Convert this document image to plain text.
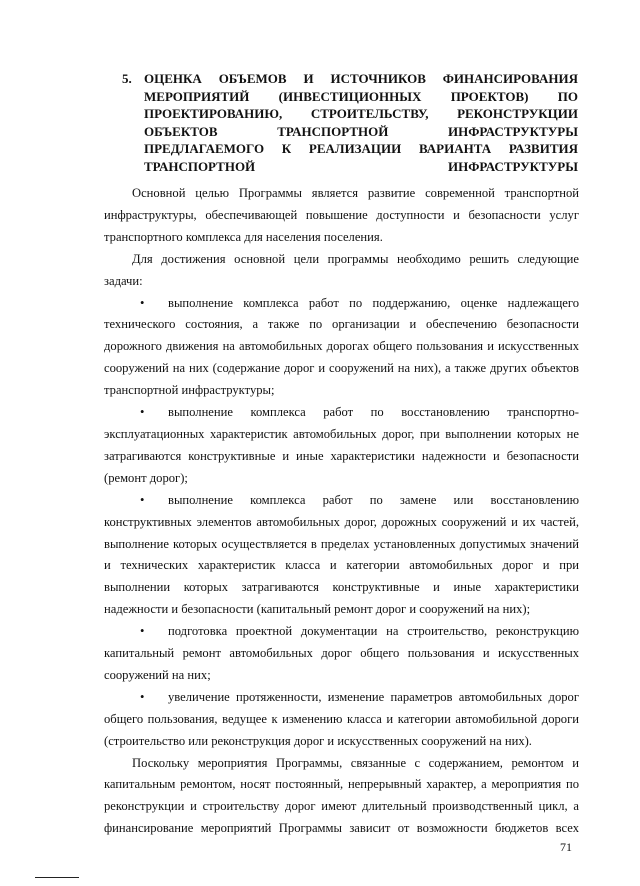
5. ОЦЕНКА ОБЪЕМОВ И ИСТОЧНИКОВ ФИНАНСИРОВАНИЯ
МЕРОПРИЯТИЙ (ИНВЕСТИЦИОННЫХ ПРОЕКТОВ) ПО
ПРОЕКТИРОВАНИЮ, СТРОИТЕЛЬСТВУ, РЕКОНСТРУКЦИИ
ОБЪЕКТОВ ТРАНСПОРТНОЙ ИНФРАСТРУКТУРЫ
ПРЕДЛАГАЕМОГО К РЕАЛИЗАЦИИ ВАРИАНТА РАЗВИТИЯ
ТРАНСПОРТНОЙ ИНФРАСТРУКТУРЫ

Основной целью Программы является развитие современной транспортной инфраструктуры, обеспечивающей повышение доступности и безопасности услуг транспортного комплекса для населения поселения.

Для достижения основной цели программы необходимо решить следующие задачи:

• выполнение комплекса работ по поддержанию, оценке надлежащего технического состояния, а также по организации и обеспечению безопасности дорожного движения на автомобильных дорогах общего пользования и искусственных сооружений на них (содержание дорог и сооружений на них), а также других объектов транспортной инфраструктуры;

• выполнение комплекса работ по восстановлению транспортно-эксплуатационных характеристик автомобильных дорог, при выполнении которых не затрагиваются конструктивные и иные характеристики надежности и безопасности (ремонт дорог);

• выполнение комплекса работ по замене или восстановлению конструктивных элементов автомобильных дорог, дорожных сооружений и их частей, выполнение которых осуществляется в пределах установленных допустимых значений и технических характеристик класса и категории автомобильных дорог и при выполнении которых затрагиваются конструктивные и иные характеристики надежности и безопасности (капитальный ремонт дорог и сооружений на них);

• подготовка проектной документации на строительство, реконструкцию капитальный ремонт автомобильных дорог общего пользования и искусственных сооружений на них;

• увеличение протяженности, изменение параметров автомобильных дорог общего пользования, ведущее к изменению класса и категории автомобильной дороги (строительство или реконструкция дорог и искусственных сооружений на них).

Поскольку мероприятия Программы, связанные с содержанием, ремонтом и капитальным ремонтом, носят постоянный, непрерывный характер, а мероприятия по реконструкции и строительству дорог имеют длительный производственный цикл, а финансирование мероприятий Программы зависит от возможности бюджетов всех

71
